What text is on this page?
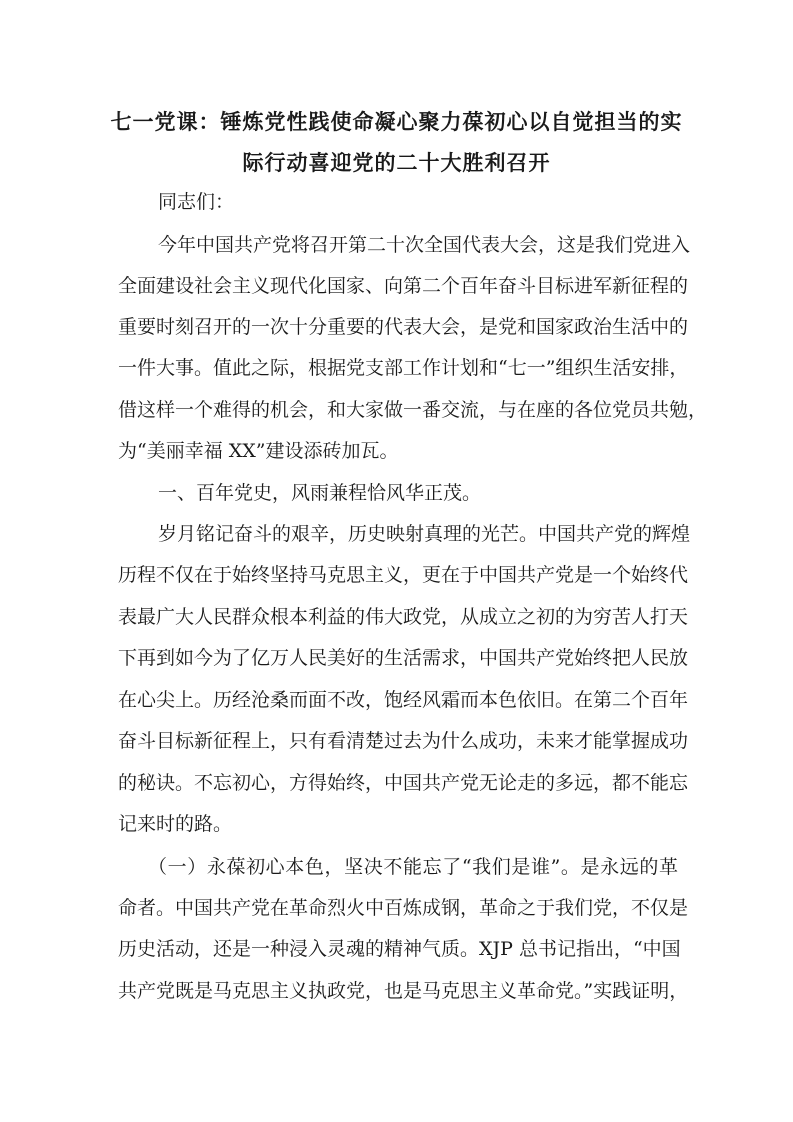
七一党课：锤炼党性践使命凝心聚力葆初心以自觉担当的实
际行动喜迎党的二十大胜利召开
同志们：
今年中国共产党将召开第二十次全国代表大会，这是我们党进入
全面建设社会主义现代化国家、向第二个百年奋斗目标进军新征程的
重要时刻召开的一次十分重要的代表大会，是党和国家政治生活中的
一件大事。值此之际，根据党支部工作计划和“七一”组织生活安排，
借这样一个难得的机会，和大家做一番交流，与在座的各位党员共勉，
为“美丽幸福 XX”建设添砖加瓦。
一、百年党史，风雨兼程恰风华正茂。
岁月铭记奋斗的艰辛，历史映射真理的光芒。中国共产党的辉煌
历程不仅在于始终坚持马克思主义，更在于中国共产党是一个始终代
表最广大人民群众根本利益的伟大政党，从成立之初的为穷苦人打天
下再到如今为了亿万人民美好的生活需求，中国共产党始终把人民放
在心尖上。历经沧桑而面不改，饱经风霜而本色依旧。在第二个百年
奋斗目标新征程上，只有看清楚过去为什么成功，未来才能掌握成功
的秘诀。不忘初心，方得始终，中国共产党无论走的多远，都不能忘
记来时的路。
（一）永葆初心本色，坚决不能忘了“我们是谁”。是永远的革
命者。中国共产党在革命烈火中百炼成钢，革命之于我们党，不仅是
历史活动，还是一种浸入灵魂的精神气质。XJP 总书记指出，“中国
共产党既是马克思主义执政党，也是马克思主义革命党。”实践证明，
